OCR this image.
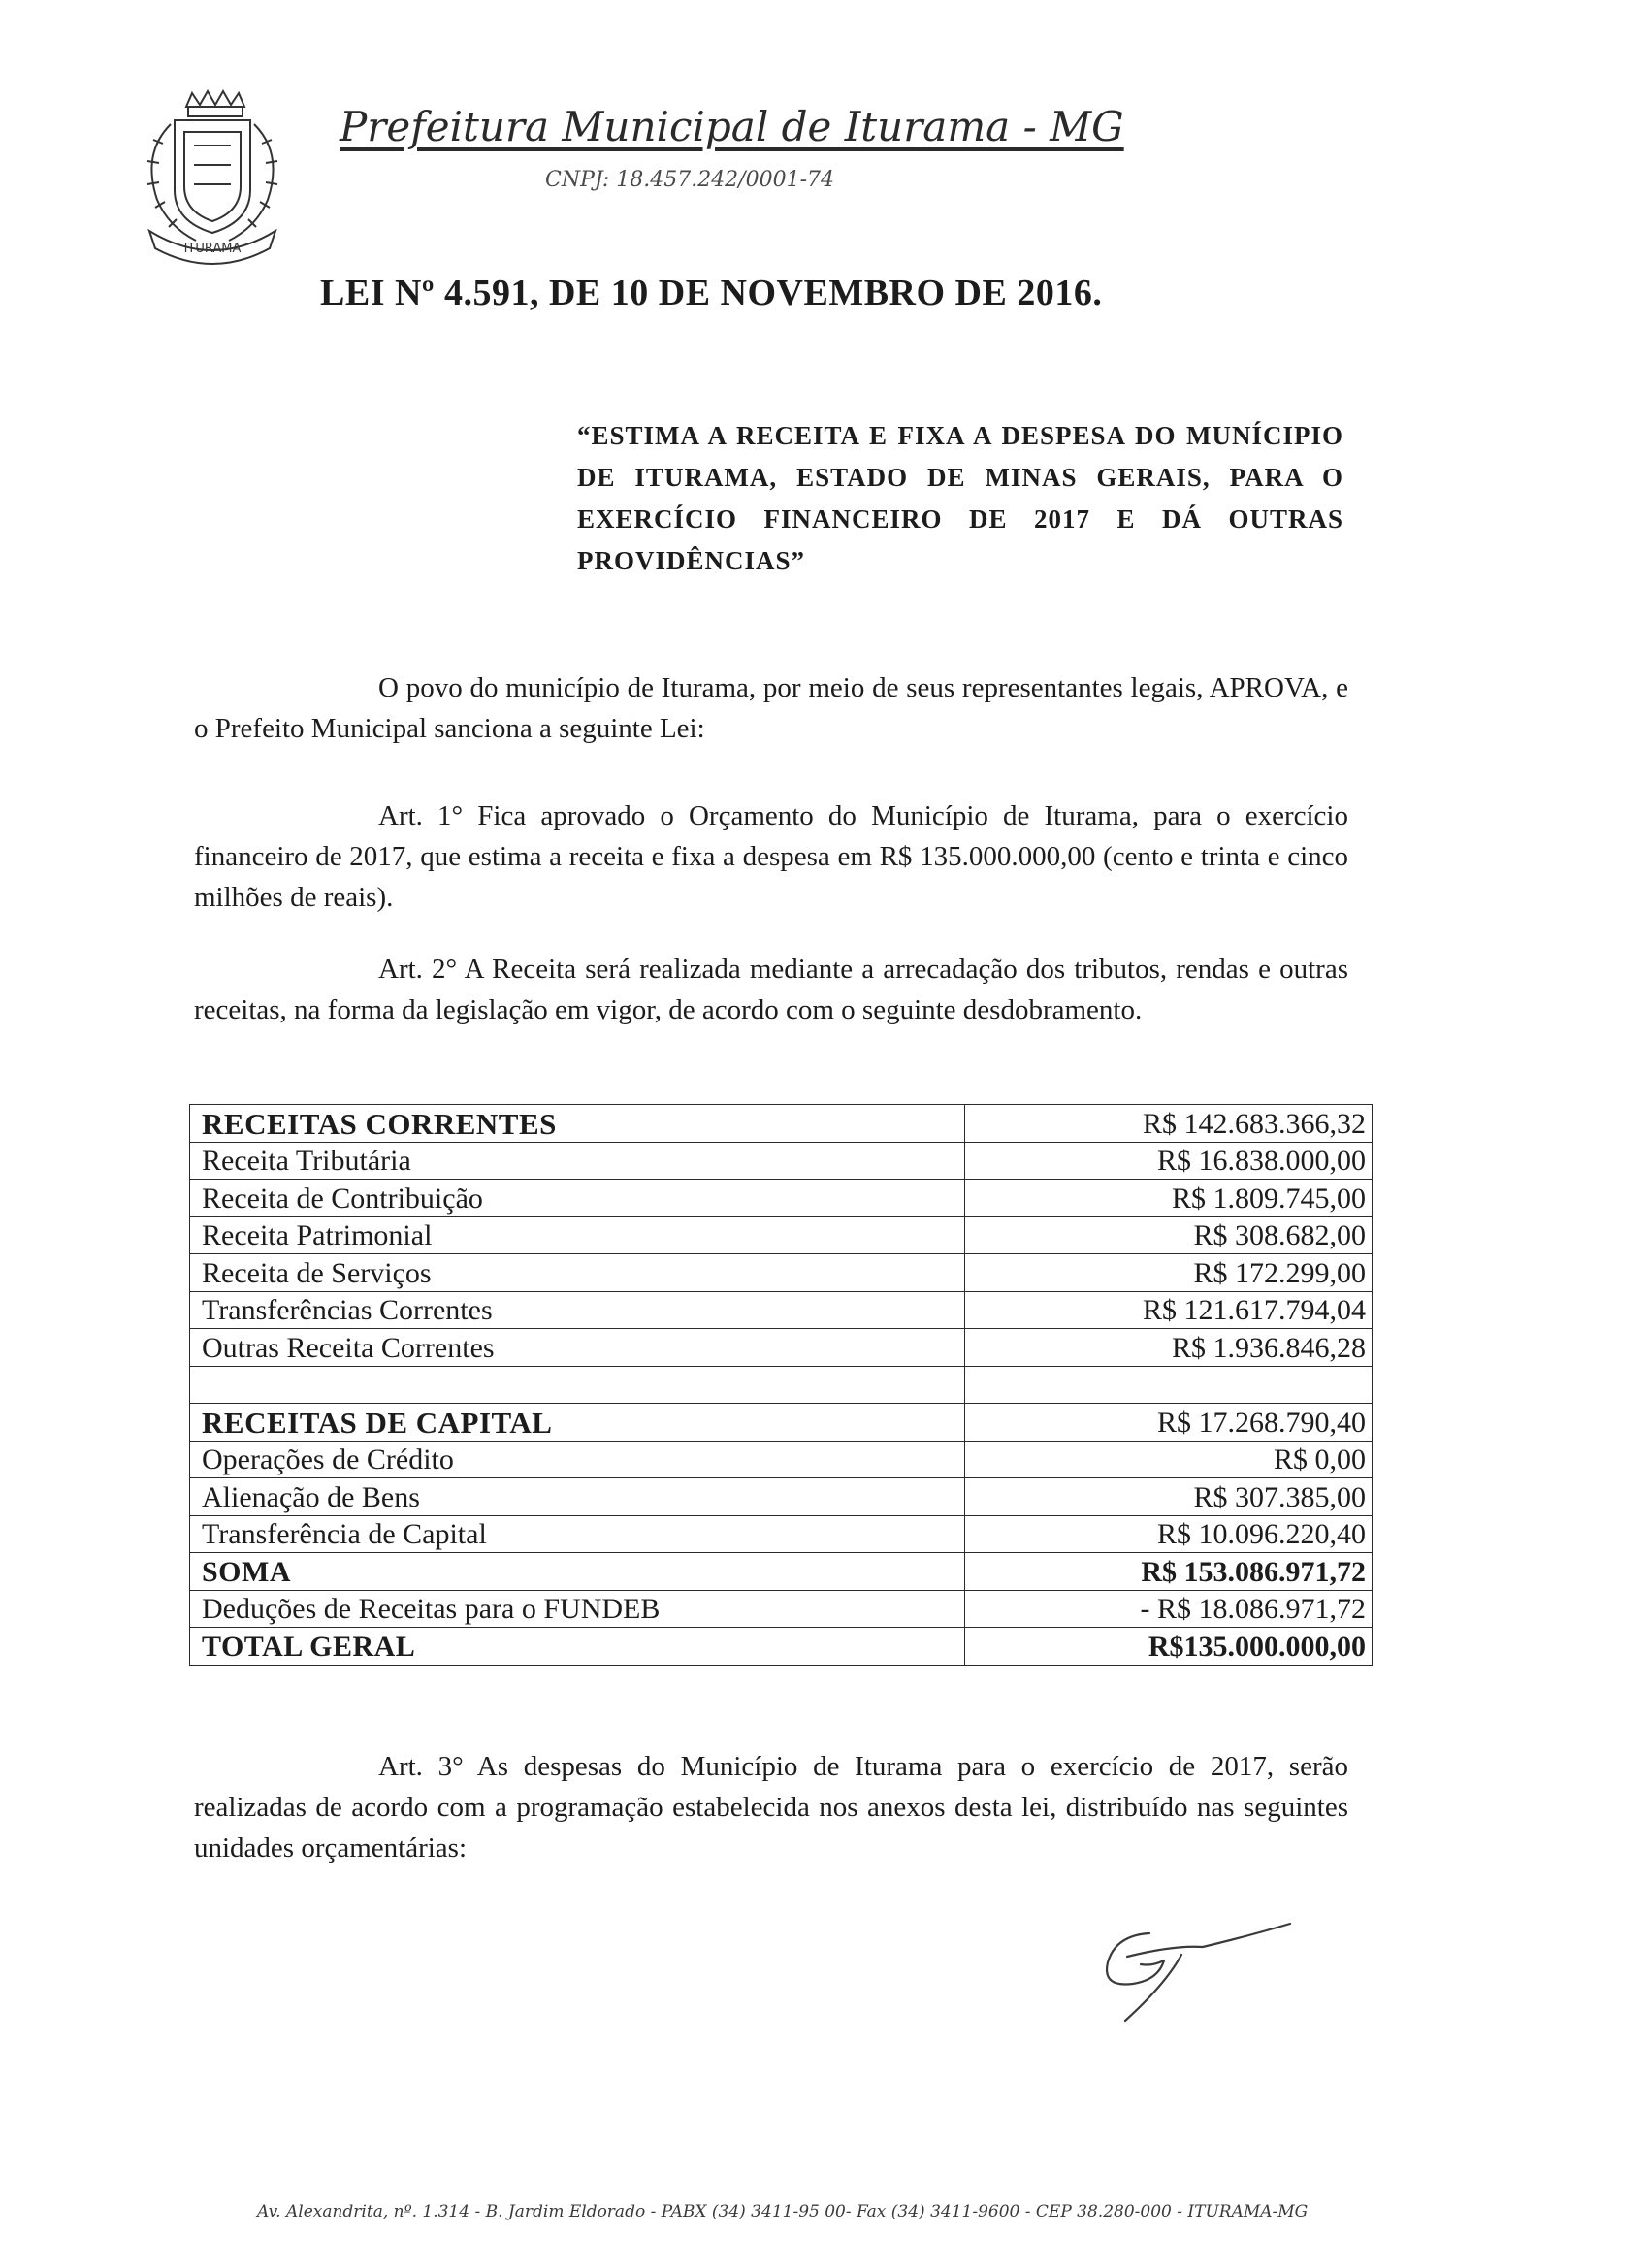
ITURAMA
Prefeitura Municipal de Iturama - MG
CNPJ: 18.457.242/0001-74
LEI Nº 4.591, DE 10 DE NOVEMBRO DE 2016.
“ESTIMA A RECEITA E FIXA A DESPESA DO MUNÍCIPIO DE ITURAMA, ESTADO DE MINAS GERAIS, PARA O EXERCÍCIO FINANCEIRO DE 2017 E DÁ OUTRAS PROVIDÊNCIAS”

O povo do município de Iturama, por meio de seus representantes legais, APROVA, e o Prefeito Municipal sanciona a seguinte Lei:

Art. 1° Fica aprovado o Orçamento do Município de Iturama, para o exercício financeiro de 2017, que estima a receita e fixa a despesa em R$ 135.000.000,00 (cento e trinta e cinco milhões de reais).

Art. 2° A Receita será realizada mediante a arrecadação dos tributos, rendas e outras receitas, na forma da legislação em vigor, de acordo com o seguinte desdobramento.

RECEITAS CORRENTES	R$ 142.683.366,32
Receita Tributária	R$ 16.838.000,00
Receita de Contribuição	R$ 1.809.745,00
Receita Patrimonial	R$ 308.682,00
Receita de Serviços	R$ 172.299,00
Transferências Correntes	R$ 121.617.794,04
Outras Receita Correntes	R$ 1.936.846,28

RECEITAS DE CAPITAL	R$ 17.268.790,40
Operações de Crédito	R$ 0,00
Alienação de Bens	R$ 307.385,00
Transferência de Capital	R$ 10.096.220,40
SOMA	R$ 153.086.971,72
Deduções de Receitas para o FUNDEB	- R$ 18.086.971,72
TOTAL GERAL	R$135.000.000,00

Art. 3° As despesas do Município de Iturama para o exercício de 2017, serão realizadas de acordo com a programação estabelecida nos anexos desta lei, distribuído nas seguintes unidades orçamentárias:

Av. Alexandrita, nº. 1.314 - B. Jardim Eldorado - PABX (34) 3411-95 00- Fax (34) 3411-9600 - CEP 38.280-000 - ITURAMA-MG
